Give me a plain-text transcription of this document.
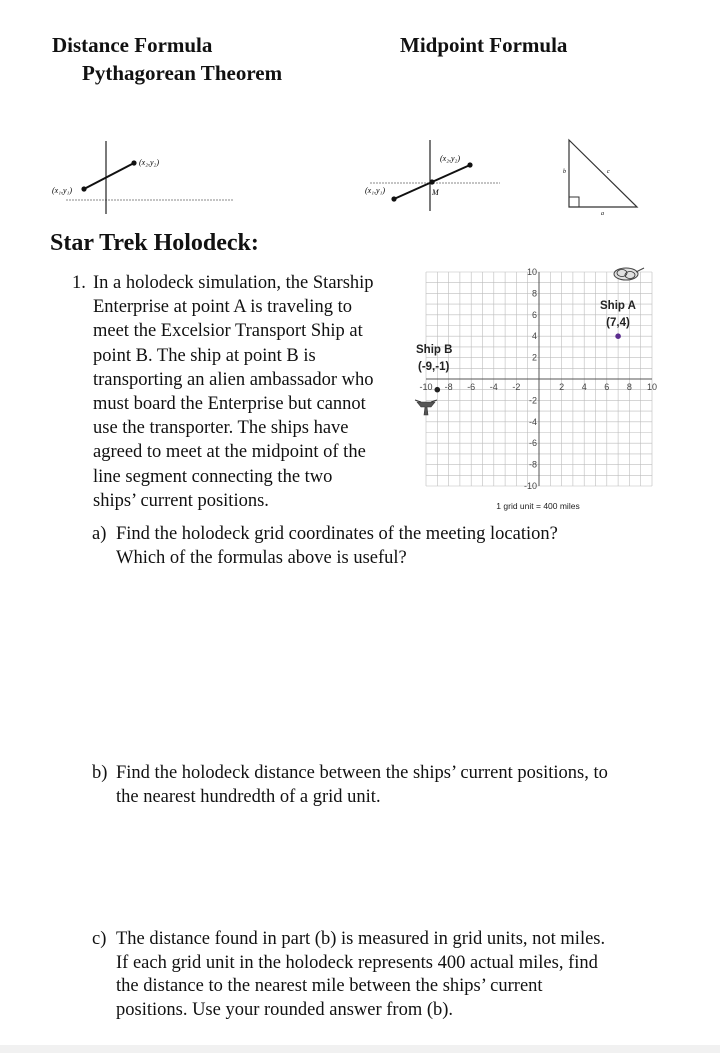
Distance Formula	Midpoint Formula
Pythagorean Theorem
(x₁,y₁)
(x₂,y₂)
(x₁,y₁)
(x₂,y₂)
M
a
b	c
Star Trek Holodeck:
1. In a holodeck simulation, the Starship
Enterprise at point A is traveling to
meet the Excelsior Transport Ship at
point B. The ship at point B is
transporting an alien ambassador who
must board the Enterprise but cannot
use the transporter. The ships have
agreed to meet at the midpoint of the
line segment connecting the two
ships’ current positions.
-10 -8 -6 -4 -2	2 4 6 8 10
10
8
6
4
2
-2
-4
-6
-8
-10
Ship A
(7,4)
Ship B
(-9,-1)
1 grid unit = 400 miles
a) Find the holodeck grid coordinates of the meeting location?
Which of the formulas above is useful?
b) Find the holodeck distance between the ships’ current positions, to
the nearest hundredth of a grid unit.
c) The distance found in part (b) is measured in grid units, not miles.
If each grid unit in the holodeck represents 400 actual miles, find
the distance to the nearest mile between the ships’ current
positions. Use your rounded answer from (b).
